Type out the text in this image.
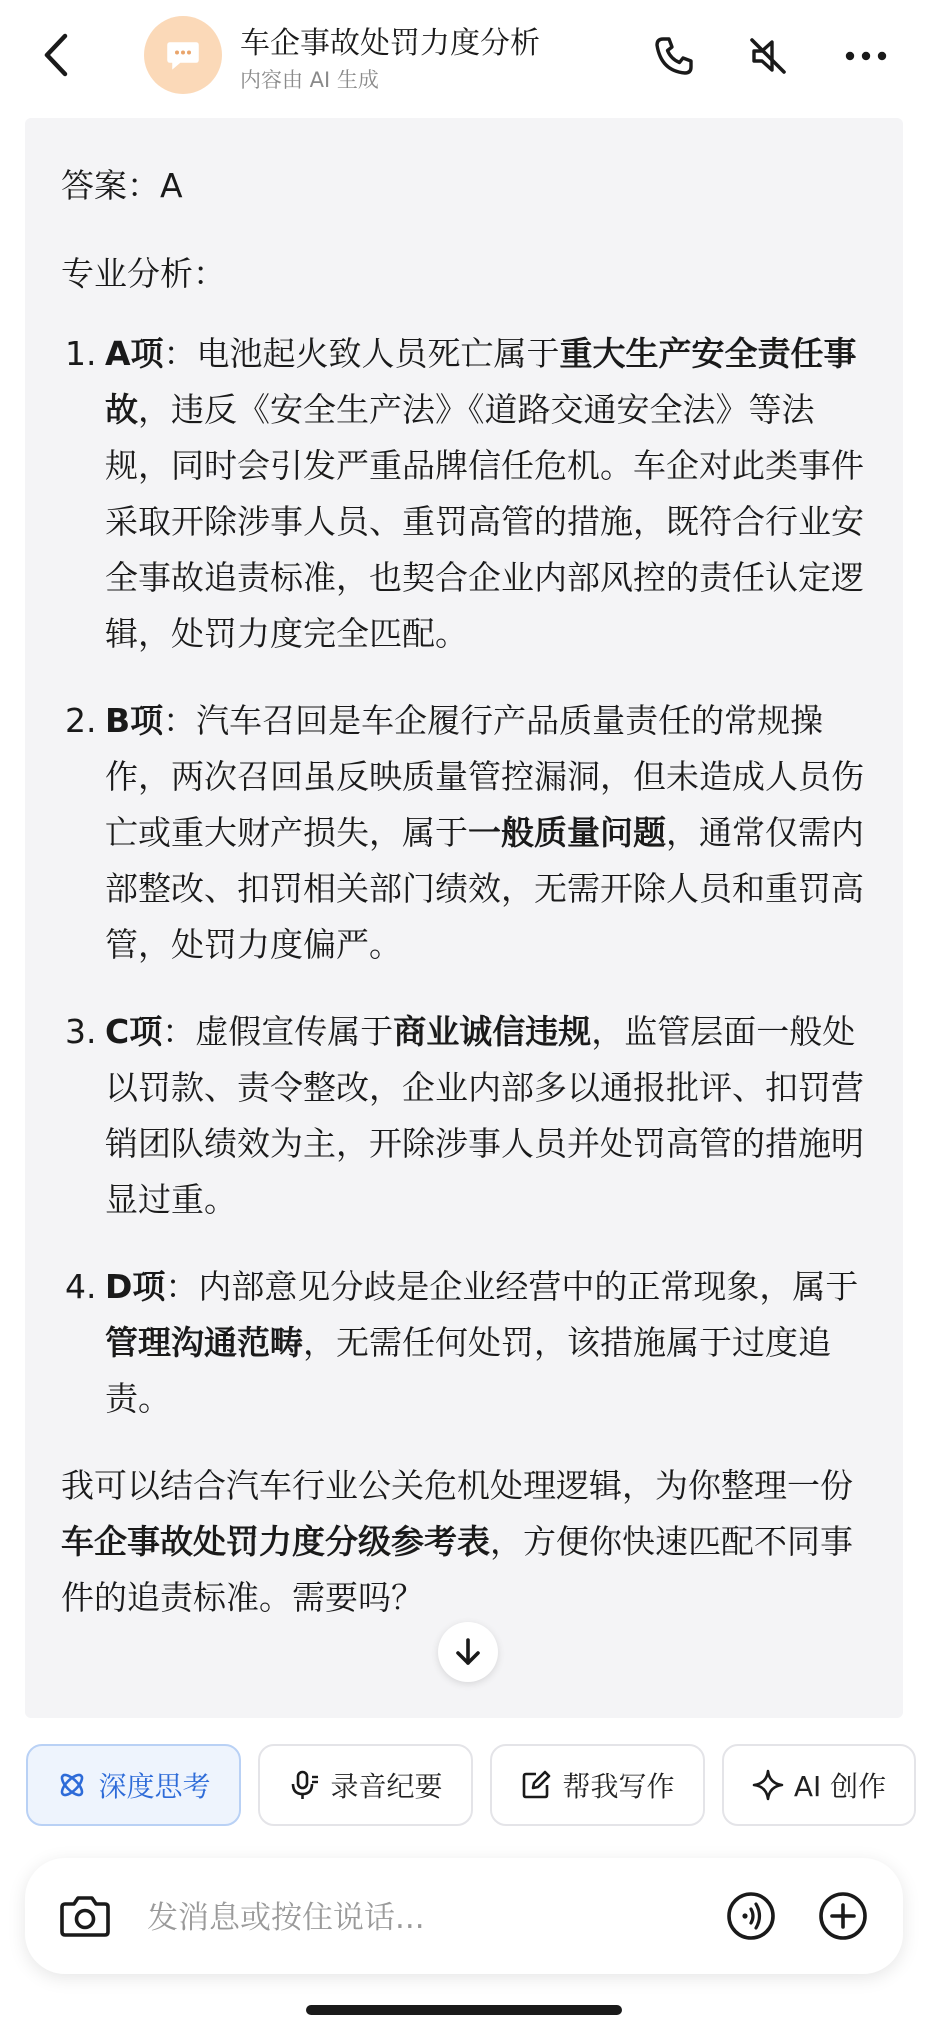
车企事故处罚力度分析
内容由 AI 生成

答案：A

专业分析：

1. A项：电池起火致人员死亡属于重大生产安全责任事故，违反《安全生产法》《道路交通安全法》等法规，同时会引发严重品牌信任危机。车企对此类事件采取开除涉事人员、重罚高管的措施，既符合行业安全事故追责标准，也契合企业内部风控的责任认定逻辑，处罚力度完全匹配。
2. B项：汽车召回是车企履行产品质量责任的常规操作，两次召回虽反映质量管控漏洞，但未造成人员伤亡或重大财产损失，属于一般质量问题，通常仅需内部整改、扣罚相关部门绩效，无需开除人员和重罚高管，处罚力度偏严。
3. C项：虚假宣传属于商业诚信违规，监管层面一般处以罚款、责令整改，企业内部多以通报批评、扣罚营销团队绩效为主，开除涉事人员并处罚高管的措施明显过重。
4. D项：内部意见分歧是企业经营中的正常现象，属于管理沟通范畴，无需任何处罚，该措施属于过度追责。

我可以结合汽车行业公关危机处理逻辑，为你整理一份车企事故处罚力度分级参考表，方便你快速匹配不同事件的追责标准。需要吗？

深度思考	录音纪要	帮我写作	AI 创作
发消息或按住说话...
